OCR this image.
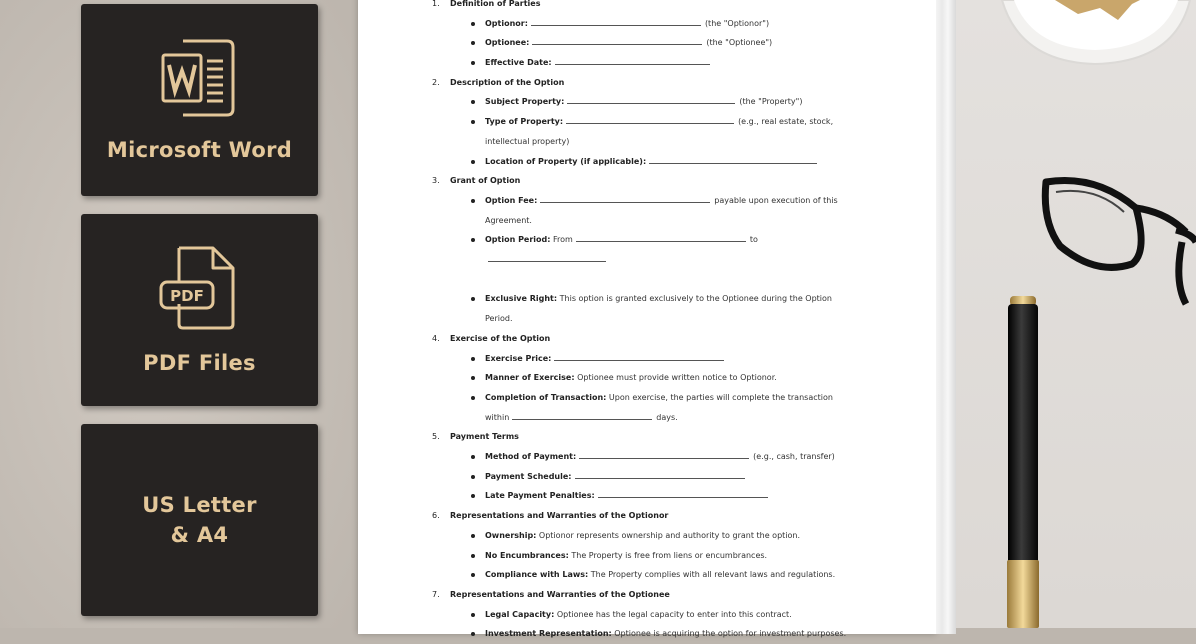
Microsoft Word
PDF
PDF Files
US Letter
& A4
1. Definition of Parties
Optionor:	(the "Optionor")
Optionee:	(the "Optionee")
Effective Date:
2. Description of the Option
Subject Property:	(the "Property")
Type of Property:	(e.g., real estate, stock,
intellectual property)
Location of Property (if applicable):
3. Grant of Option
Option Fee:	payable upon execution of this
Agreement.
Option Period: From	to
Exclusive Right: This option is granted exclusively to the Optionee during the Option
Period.
4. Exercise of the Option
Exercise Price:
Manner of Exercise: Optionee must provide written notice to Optionor.
Completion of Transaction: Upon exercise, the parties will complete the transaction
within	days.
5. Payment Terms
Method of Payment:	(e.g., cash, transfer)
Payment Schedule:
Late Payment Penalties:
6. Representations and Warranties of the Optionor
Ownership: Optionor represents ownership and authority to grant the option.
No Encumbrances: The Property is free from liens or encumbrances.
Compliance with Laws: The Property complies with all relevant laws and regulations.
7. Representations and Warranties of the Optionee
Legal Capacity: Optionee has the legal capacity to enter into this contract.
Investment Representation: Optionee is acquiring the option for investment purposes.
